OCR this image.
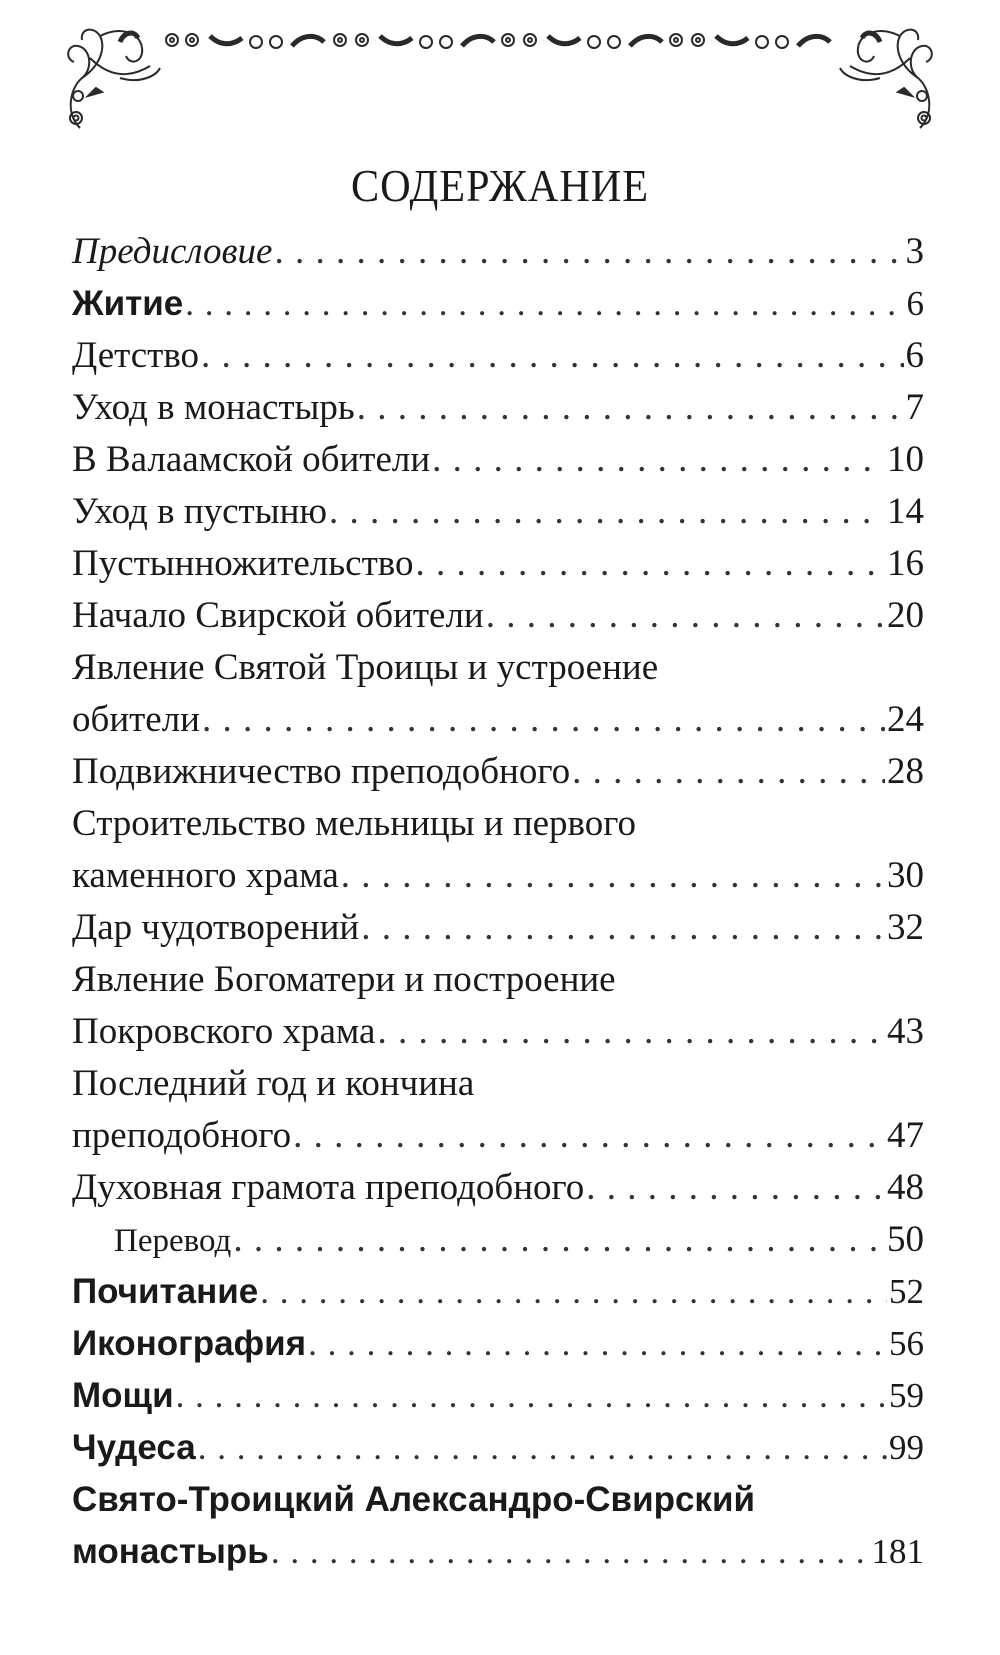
СОДЕРЖАНИЕ
Предисловие . . .	3
Житие . . .	6
Детство . . .	6
Уход в монастырь . . .	7
В Валаамской обители . . .	10
Уход в пустыню . . .	14
Пустынножительство . . .	16
Начало Свирской обители . . .	20
Явление Святой Троицы и устроение
обители . . .	24
Подвижничество преподобного . . .	28
Строительство мельницы и первого
каменного храма . . .	30
Дар чудотворений . . .	32
Явление Богоматери и построение
Покровского храма . . .	43
Последний год и кончина
преподобного . . .	47
Духовная грамота преподобного . . .	48
Перевод . . .	50
Почитание . . .	52
Иконография . . .	56
Мощи . . .	59
Чудеса . . .	99
Свято-Троицкий Александро-Свирский
монастырь . . .	181
